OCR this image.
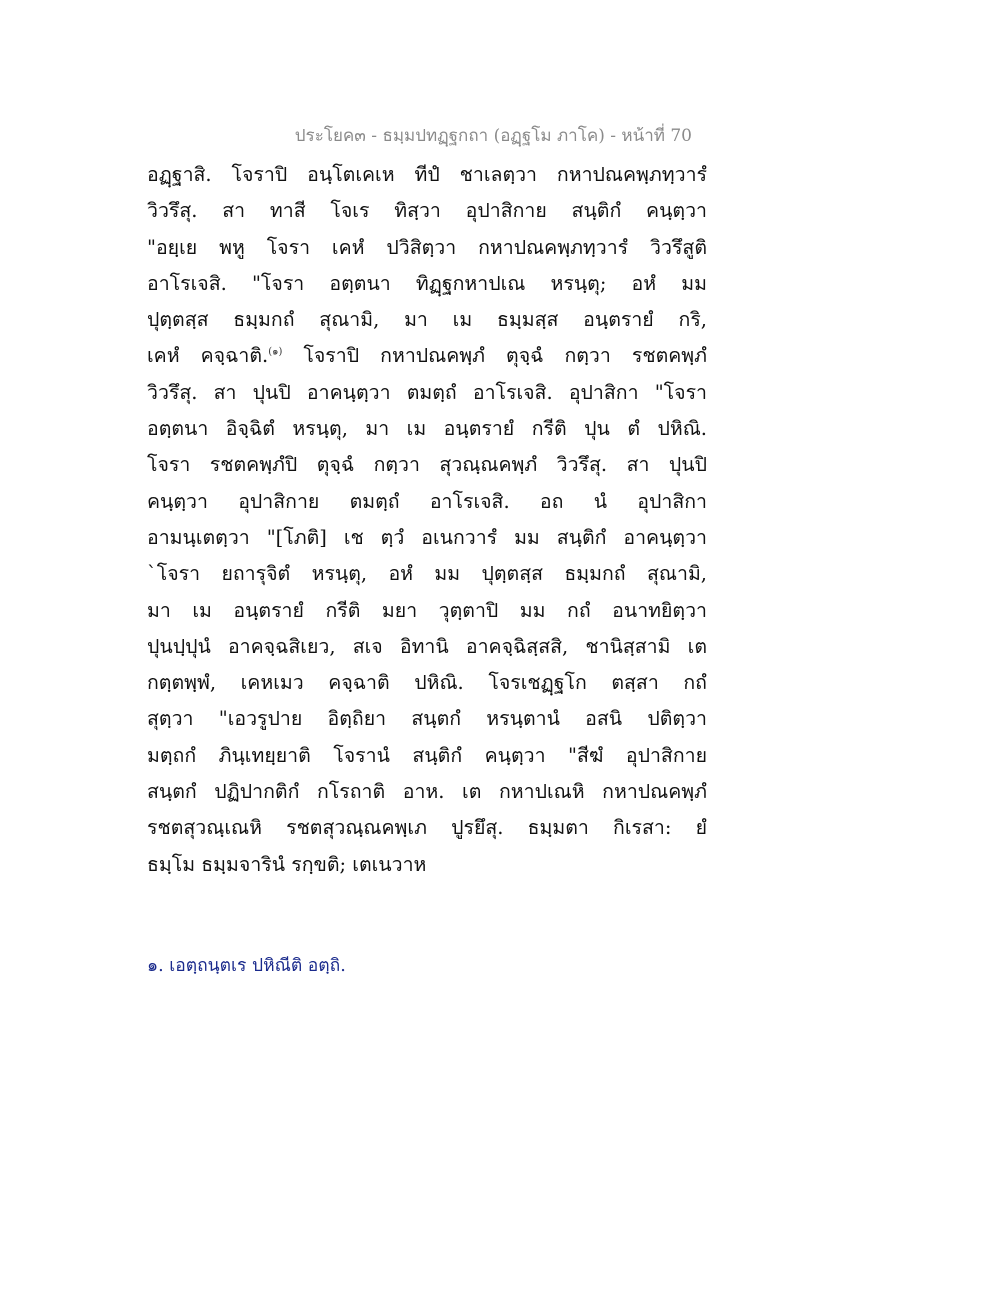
ประโยค๓ - ธมฺมปทฏฺฐกถา (อฏฺฐโม ภาโค) - หน้าที่ 70
อฏฺฐาสิ. โจราปิ อนฺโตเคเห ทีปํ ชาเลตฺวา กหาปณคพฺภทฺวารํ
วิวรึสุ. สา ทาสี โจเร ทิสฺวา อุปาสิกาย สนฺติกํ คนฺตฺวา
"อยฺเย พหู โจรา เคหํ ปวิสิตฺวา กหาปณคพฺภทฺวารํ วิวรึสูติ
อาโรเจสิ. "โจรา อตฺตนา ทิฏฺฐกหาปเณ หรนฺตุ; อหํ มม
ปุตฺตสฺส ธมฺมกถํ สุณามิ, มา เม ธมฺมสฺส อนฺตรายํ กริ,
เคหํ คจฺฉาติ.$^{(๑)}$ โจราปิ กหาปณคพฺภํ ตุจฺฉํ กตฺวา รชตคพฺภํ
วิวรึสุ. สา ปุนปิ อาคนฺตฺวา ตมตฺถํ อาโรเจสิ. อุปาสิกา "โจรา
อตฺตนา อิจฺฉิตํ หรนฺตุ, มา เม อนฺตรายํ กรีติ ปุน ตํ ปหิณิ.
โจรา รชตคพฺภํปิ ตุจฺฉํ กตฺวา สุวณฺณคพฺภํ วิวรึสุ. สา ปุนปิ
คนฺตฺวา อุปาสิกาย ตมตฺถํ อาโรเจสิ. อถ นํ อุปาสิกา
อามนฺเตตฺวา "[โภติ] เช ตฺวํ อเนกวารํ มม สนฺติกํ อาคนฺตฺวา
`โจรา ยถารุจิตํ หรนฺตุ, อหํ มม ปุตฺตสฺส ธมฺมกถํ สุณามิ,
มา เม อนฺตรายํ กรีติ มยา วุตฺตาปิ มม กถํ อนาทยิตฺวา
ปุนปฺปุนํ อาคจฺฉสิเยว, สเจ อิทานิ อาคจฺฉิสฺสสิ, ชานิสฺสามิ เต
กตฺตพฺพํ, เคหเมว คจฺฉาติ ปหิณิ. โจรเชฏฺฐโก ตสฺสา กถํ
สุตฺวา "เอวรูปาย อิตฺถิยา สนฺตกํ หรนฺตานํ อสนิ ปติตฺวา
มตฺถกํ ภินฺเทยฺยาติ โจรานํ สนฺติกํ คนฺตฺวา "สีฆํ อุปาสิกาย
สนฺตกํ ปฏิปากติกํ กโรถาติ อาห. เต กหาปเณหิ กหาปณคพฺภํ
รชตสุวณฺเณหิ รชตสุวณฺณคพฺเภ ปูรยึสุ. ธมฺมตา กิเรสา: ยํ
ธมฺโม ธมฺมจารินํ รกฺขติ; เตเนวาห
๑. เอตฺถนฺตเร ปหิณีติ อตฺถิ.
